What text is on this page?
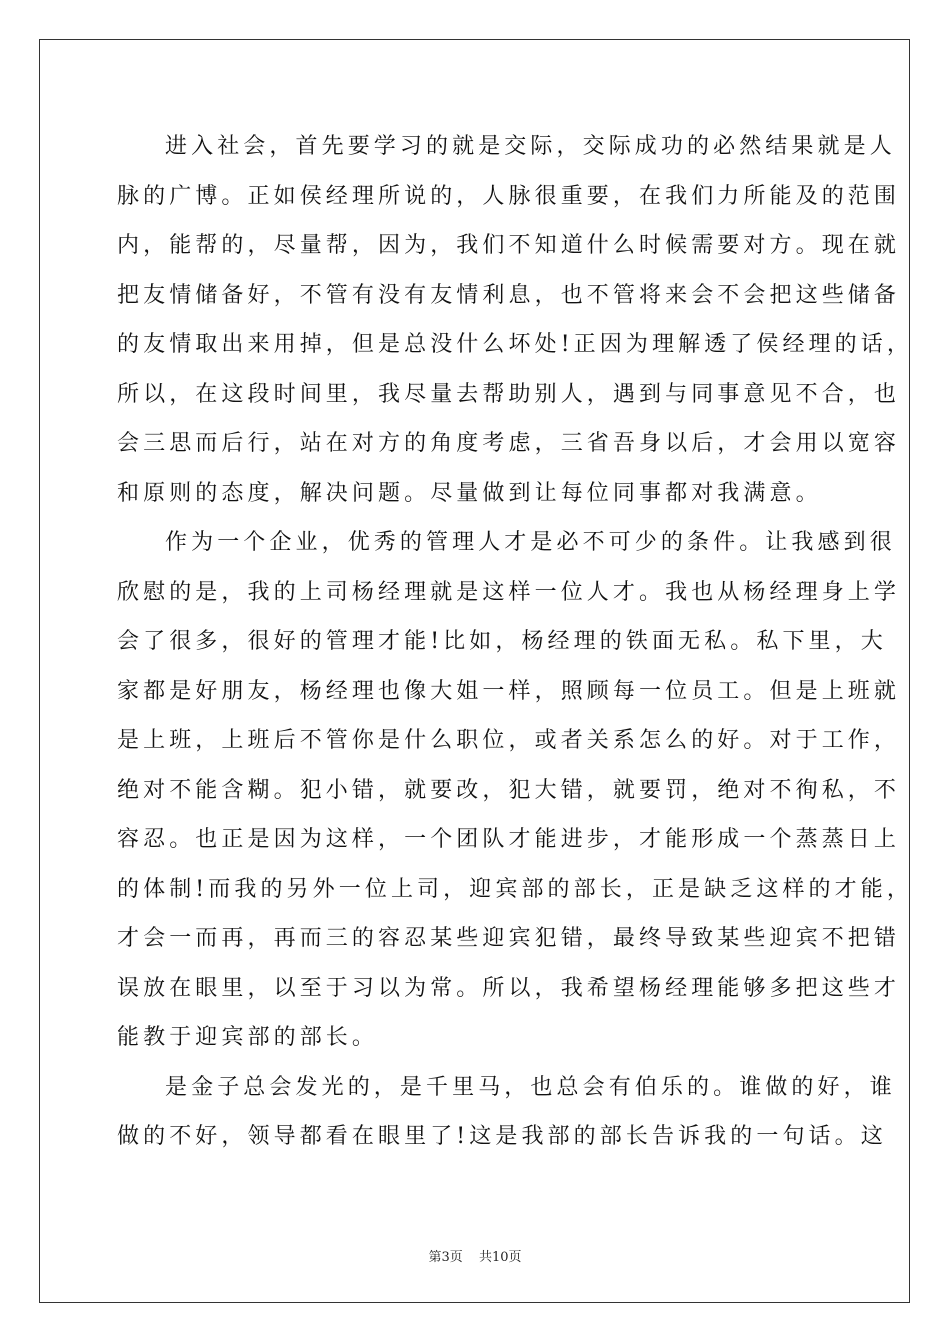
进入社会，首先要学习的就是交际，交际成功的必然结果就是人
脉的广博。正如侯经理所说的，人脉很重要，在我们力所能及的范围
内，能帮的，尽量帮，因为，我们不知道什么时候需要对方。现在就
把友情储备好，不管有没有友情利息，也不管将来会不会把这些储备
的友情取出来用掉，但是总没什么坏处!正因为理解透了侯经理的话，
所以，在这段时间里，我尽量去帮助别人，遇到与同事意见不合，也
会三思而后行，站在对方的角度考虑，三省吾身以后，才会用以宽容
和原则的态度，解决问题。尽量做到让每位同事都对我满意。
作为一个企业，优秀的管理人才是必不可少的条件。让我感到很
欣慰的是，我的上司杨经理就是这样一位人才。我也从杨经理身上学
会了很多，很好的管理才能!比如，杨经理的铁面无私。私下里，大
家都是好朋友，杨经理也像大姐一样，照顾每一位员工。但是上班就
是上班，上班后不管你是什么职位，或者关系怎么的好。对于工作，
绝对不能含糊。犯小错，就要改，犯大错，就要罚，绝对不徇私，不
容忍。也正是因为这样，一个团队才能进步，才能形成一个蒸蒸日上
的体制!而我的另外一位上司，迎宾部的部长，正是缺乏这样的才能，
才会一而再，再而三的容忍某些迎宾犯错，最终导致某些迎宾不把错
误放在眼里，以至于习以为常。所以，我希望杨经理能够多把这些才
能教于迎宾部的部长。
是金子总会发光的，是千里马，也总会有伯乐的。谁做的好，谁
做的不好，领导都看在眼里了!这是我部的部长告诉我的一句话。这
第3页 共10页
